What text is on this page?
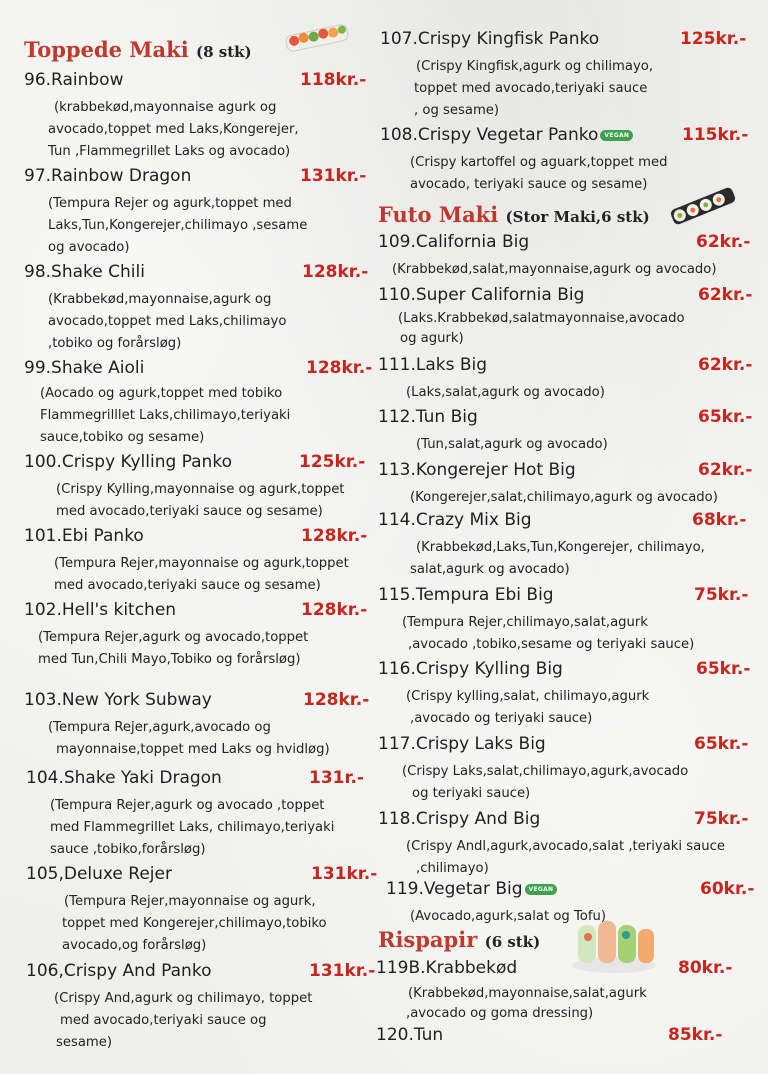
Toppede Maki (8 stk)
Futo Maki (Stor Maki,6 stk)
Rispapir (6 stk)
96.Rainbow	118kr.-
(krabbekød,mayonnaise agurk og
avocado,toppet med Laks,Kongerejer,
Tun ,Flammegrillet Laks og avocado)
97.Rainbow Dragon	131kr.-
(Tempura Rejer og agurk,toppet med
Laks,Tun,Kongerejer,chilimayo ,sesame
og avocado)
98.Shake Chili	128kr.-
(Krabbekød,mayonnaise,agurk og
avocado,toppet med Laks,chilimayo
,tobiko og forårsløg)
99.Shake Aioli	128kr.-
(Aocado og agurk,toppet med tobiko
Flammegrilllet Laks,chilimayo,teriyaki
sauce,tobiko og sesame)
100.Crispy Kylling Panko	125kr.-
(Crispy Kylling,mayonnaise og agurk,toppet
med avocado,teriyaki sauce og sesame)
101.Ebi Panko	128kr.-
(Tempura Rejer,mayonnaise og agurk,toppet
med avocado,teriyaki sauce og sesame)
102.Hell's kitchen	128kr.-
(Tempura Rejer,agurk og avocado,toppet
med Tun,Chili Mayo,Tobiko og forårsløg)
103.New York Subway	128kr.-
(Tempura Rejer,agurk,avocado og
mayonnaise,toppet med Laks og hvidløg)
104.Shake Yaki Dragon	131r.-
(Tempura Rejer,agurk og avocado ,toppet
med Flammegrillet Laks, chilimayo,teriyaki
sauce ,tobiko,forårsløg)
105,Deluxe Rejer	131kr.-
(Tempura Rejer,mayonnaise og agurk,
toppet med Kongerejer,chilimayo,tobiko
avocado,og forårsløg)
106,Crispy And Panko	131kr.-
(Crispy And,agurk og chilimayo, toppet
med avocado,teriyaki sauce og
sesame)
107.Crispy Kingfisk Panko	125kr.-
(Crispy Kingfisk,agurk og chilimayo,
toppet med avocado,teriyaki sauce
, og sesame)
108.Crispy Vegetar Panko VEGAN	115kr.-
(Crispy kartoffel og aguark,toppet med
avocado, teriyaki sauce og sesame)
109.California Big	62kr.-
(Krabbekød,salat,mayonnaise,agurk og avocado)
110.Super California Big	62kr.-
(Laks.Krabbekød,salatmayonnaise,avocado
og agurk)
111.Laks Big	62kr.-
(Laks,salat,agurk og avocado)
112.Tun Big	65kr.-
(Tun,salat,agurk og avocado)
113.Kongerejer Hot Big	62kr.-
(Kongerejer,salat,chilimayo,agurk og avocado)
114.Crazy Mix Big	68kr.-
(Krabbekød,Laks,Tun,Kongerejer, chilimayo,
salat,agurk og avocado)
115.Tempura Ebi Big	75kr.-
(Tempura Rejer,chilimayo,salat,agurk
,avocado ,tobiko,sesame og teriyaki sauce)
116.Crispy Kylling Big	65kr.-
(Crispy kylling,salat, chilimayo,agurk
,avocado og teriyaki sauce)
117.Crispy Laks Big	65kr.-
(Crispy Laks,salat,chilimayo,agurk,avocado
og teriyaki sauce)
118.Crispy And Big	75kr.-
(Crispy Andl,agurk,avocado,salat ,teriyaki sauce
,chilimayo)
119.Vegetar Big VEGAN	60kr.-
(Avocado,agurk,salat og Tofu)
119B.Krabbekød	80kr.-
(Krabbekød,mayonnaise,salat,agurk
,avocado og goma dressing)
120.Tun	85kr.-
